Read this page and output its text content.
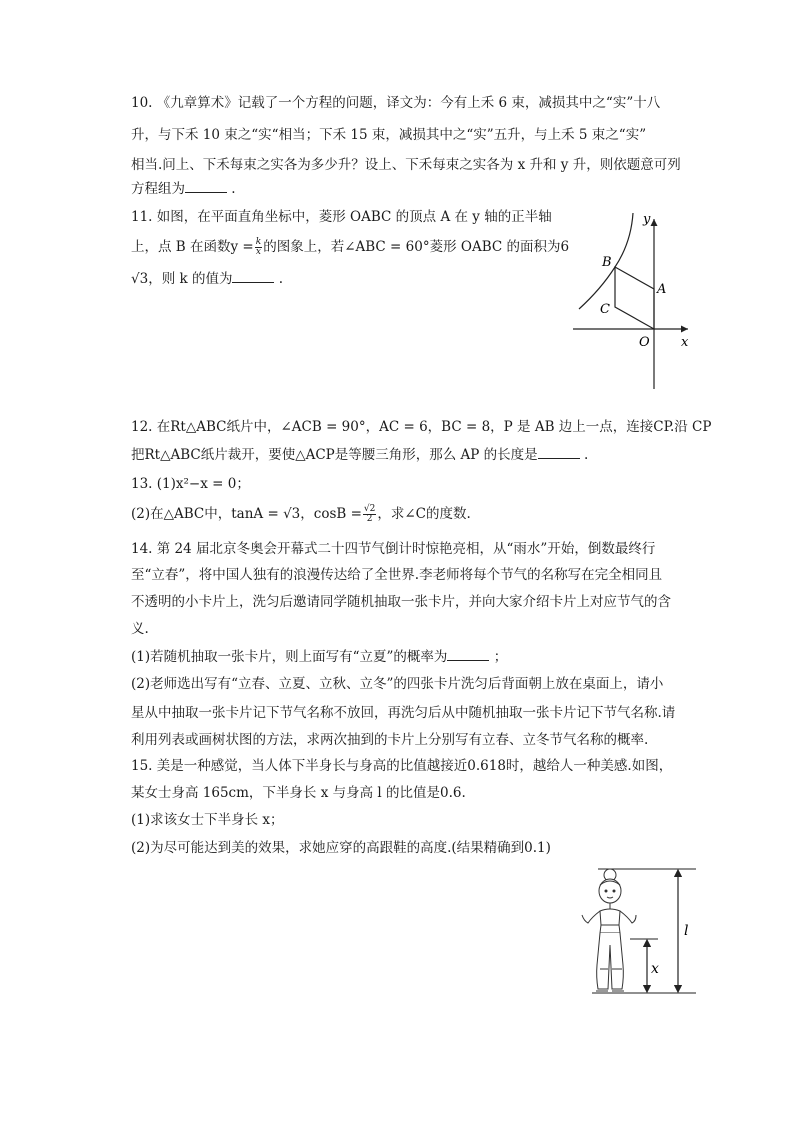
10. 《九章算术》记载了一个方程的问题，译文为：今有上禾 6 束，减损其中之“实”十八
升，与下禾 10 束之“实“相当；下禾 15 束，减损其中之“实”五升，与上禾 5 束之“实”
相当.问上、下禾每束之实各为多少升？设上、下禾每束之实各为 x 升和 y 升，则依题意可列
方程组为	.
11. 如图，在平面直角坐标中，菱形 OABC 的顶点 A 在 y 轴的正半轴
上，点 B 在函数$y = \frac{k}{x}$ 的图象上，若∠ABC = 60°菱形 OABC 的面积为6
√3，则 k 的值为	.
y
x
B
A
C
O
12. 在Rt△ABC纸片中，∠ACB = 90°，AC = 6，BC = 8，P 是 AB 边上一点，连接CP.沿 CP
把Rt△ABC纸片裁开，要使△ACP是等腰三角形，那么 AP 的长度是	.
13. (1)x²−x = 0；
(2)在△ABC中，tanA = √3，$\cos B = \frac{√2}{2}$ ，求∠C的度数.
14. 第 24 届北京冬奥会开幕式二十四节气倒计时惊艳亮相，从“雨水”开始，倒数最终行
至“立春”，将中国人独有的浪漫传达给了全世界.李老师将每个节气的名称写在完全相同且
不透明的小卡片上，洗匀后邀请同学随机抽取一张卡片，并向大家介绍卡片上对应节气的含
义.
(1)若随机抽取一张卡片，则上面写有“立夏”的概率为	；
(2)老师选出写有“立春、立夏、立秋、立冬”的四张卡片洗匀后背面朝上放在桌面上，请小
星从中抽取一张卡片记下节气名称不放回，再洗匀后从中随机抽取一张卡片记下节气名称.请
利用列表或画树状图的方法，求两次抽到的卡片上分别写有立春、立冬节气名称的概率.
15. 美是一种感觉，当人体下半身长与身高的比值越接近0.618时，越给人一种美感.如图，
某女士身高 165cm，下半身长 x 与身高 l 的比值是0.6.
(1)求该女士下半身长 x；
(2)为尽可能达到美的效果，求她应穿的高跟鞋的高度.(结果精确到0.1)
l
x
